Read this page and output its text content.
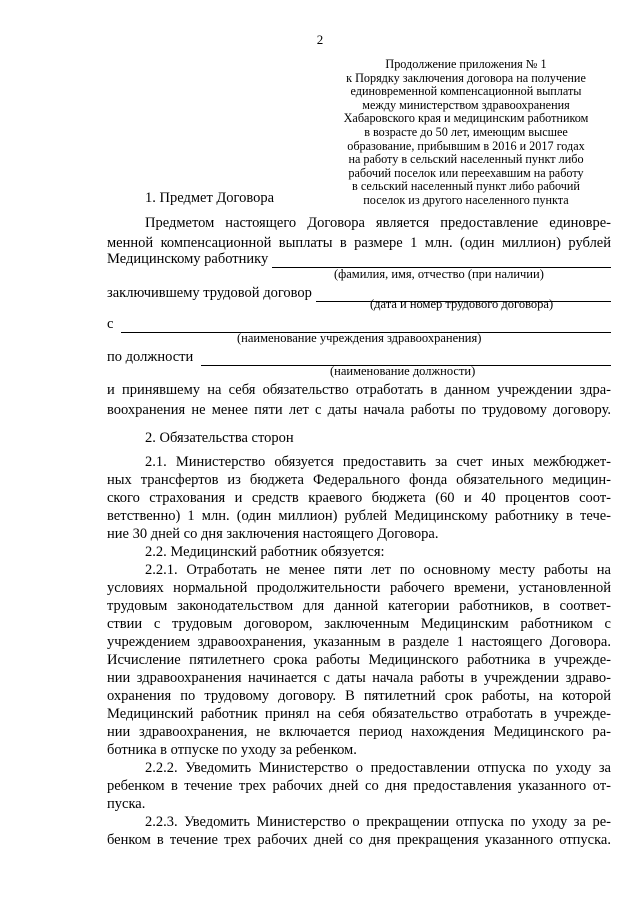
2
Продолжение приложения № 1
к Порядку заключения договора на получение
единовременной компенсационной выплаты
между министерством здравоохранения
Хабаровского края и медицинским работником
в возрасте до 50 лет, имеющим высшее
образование, прибывшим в 2016 и 2017 годах
на работу в сельский населенный пункт либо
рабочий поселок или переехавшим на работу
в сельский населенный пункт либо рабочий
поселок из другого населенного пункта
1. Предмет Договора
Предметом настоящего Договора является предоставление единовре-
менной компенсационной выплаты в размере 1 млн. (один миллион) рублей
Медицинскому работнику
(фамилия, имя, отчество (при наличии)
заключившему трудовой договор
(дата и номер трудового договора)
с
(наименование учреждения здравоохранения)
по должности
(наименование должности)
и принявшему на себя обязательство отработать в данном учреждении здра-
воохранения не менее пяти лет с даты начала работы по трудовому договору.
2. Обязательства сторон
2.1. Министерство обязуется предоставить за счет иных межбюджет-
ных трансфертов из бюджета Федерального фонда обязательного медицин-
ского страхования и средств краевого бюджета (60 и 40 процентов соот-
ветственно) 1 млн. (один миллион) рублей Медицинскому работнику в тече-
ние 30 дней со дня заключения настоящего Договора.
2.2. Медицинский работник обязуется:
2.2.1. Отработать не менее пяти лет по основному месту работы на
условиях нормальной продолжительности рабочего времени, установленной
трудовым законодательством для данной категории работников, в соответ-
ствии с трудовым договором, заключенным Медицинским работником с
учреждением здравоохранения, указанным в разделе 1 настоящего Договора.
Исчисление пятилетнего срока работы Медицинского работника в учрежде-
нии здравоохранения начинается с даты начала работы в учреждении здраво-
охранения по трудовому договору. В пятилетний срок работы, на которой
Медицинский работник принял на себя обязательство отработать в учрежде-
нии здравоохранения, не включается период нахождения Медицинского ра-
ботника в отпуске по уходу за ребенком.
2.2.2. Уведомить Министерство о предоставлении отпуска по уходу за
ребенком в течение трех рабочих дней со дня предоставления указанного от-
пуска.
2.2.3. Уведомить Министерство о прекращении отпуска по уходу за ре-
бенком в течение трех рабочих дней со дня прекращения указанного отпуска.
